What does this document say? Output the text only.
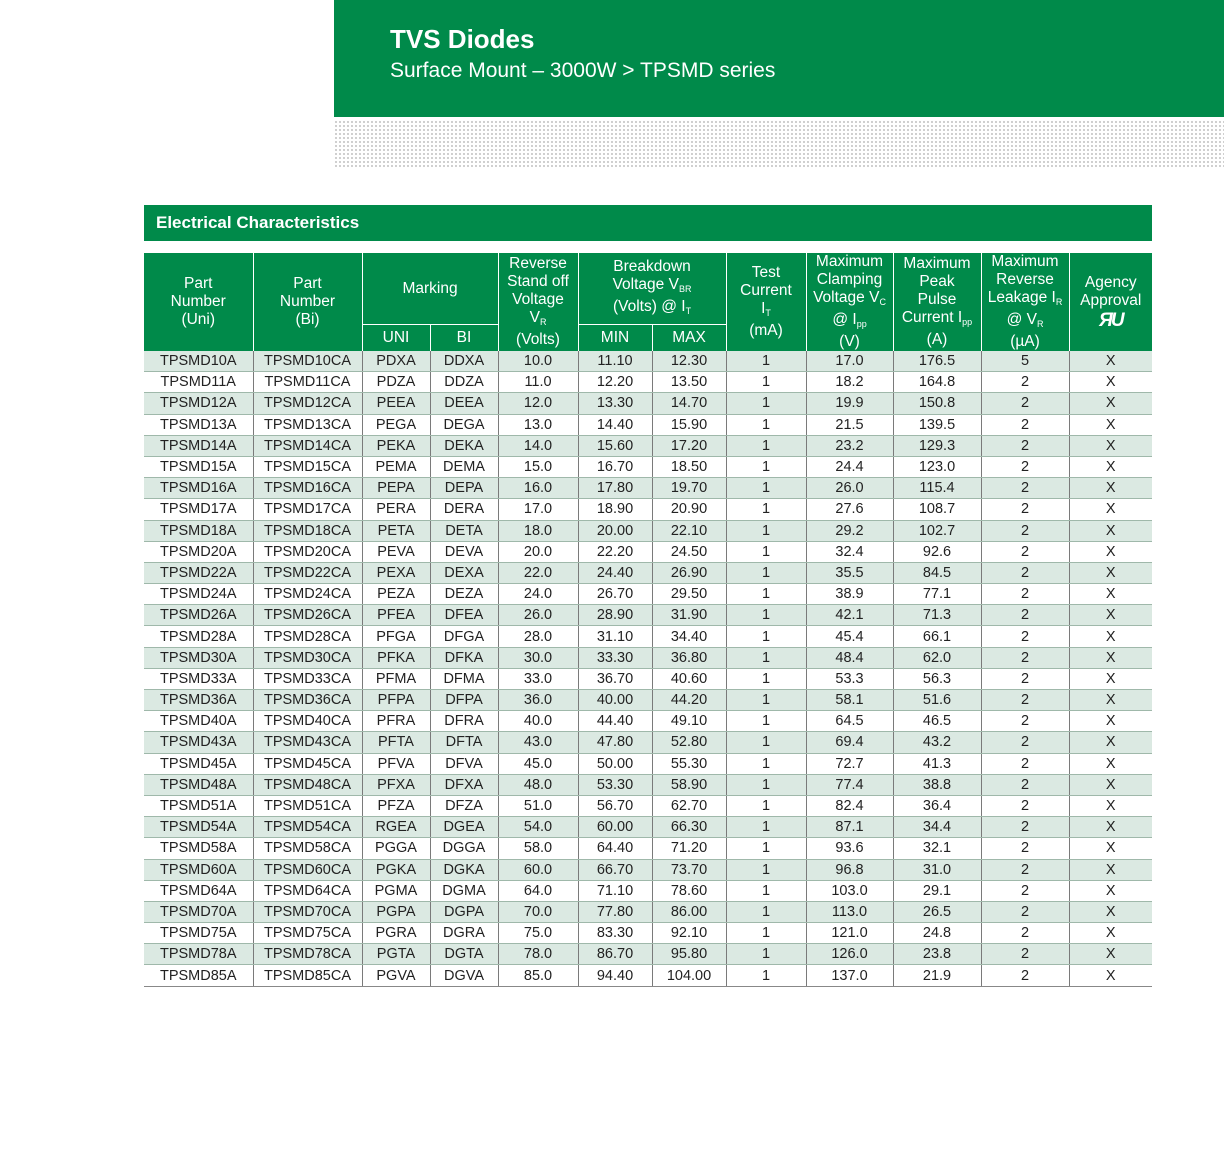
TVS Diodes
Surface Mount – 3000W > TPSMD series
Electrical Characteristics
Part
Number
(Uni)	Part
Number
(Bi)	Marking		Reverse
Stand off
Voltage
VR
(Volts)	Breakdown
Voltage VBR
(Volts) @ IT		Test
Current
IT
(mA)	Maximum
Clamping
Voltage VC
@ Ipp
(V)	Maximum
Peak
Pulse
Current Ipp
(A)	Maximum
Reverse
Leakage IR
@ VR
(µA)	Agency
Approval
ЯU
		UNI	BI		MIN	MAX					
TPSMD10A	TPSMD10CA	PDXA	DDXA	10.0	11.10	12.30	1	17.0	176.5	5	X
TPSMD11A	TPSMD11CA	PDZA	DDZA	11.0	12.20	13.50	1	18.2	164.8	2	X
TPSMD12A	TPSMD12CA	PEEA	DEEA	12.0	13.30	14.70	1	19.9	150.8	2	X
TPSMD13A	TPSMD13CA	PEGA	DEGA	13.0	14.40	15.90	1	21.5	139.5	2	X
TPSMD14A	TPSMD14CA	PEKA	DEKA	14.0	15.60	17.20	1	23.2	129.3	2	X
TPSMD15A	TPSMD15CA	PEMA	DEMA	15.0	16.70	18.50	1	24.4	123.0	2	X
TPSMD16A	TPSMD16CA	PEPA	DEPA	16.0	17.80	19.70	1	26.0	115.4	2	X
TPSMD17A	TPSMD17CA	PERA	DERA	17.0	18.90	20.90	1	27.6	108.7	2	X
TPSMD18A	TPSMD18CA	PETA	DETA	18.0	20.00	22.10	1	29.2	102.7	2	X
TPSMD20A	TPSMD20CA	PEVA	DEVA	20.0	22.20	24.50	1	32.4	92.6	2	X
TPSMD22A	TPSMD22CA	PEXA	DEXA	22.0	24.40	26.90	1	35.5	84.5	2	X
TPSMD24A	TPSMD24CA	PEZA	DEZA	24.0	26.70	29.50	1	38.9	77.1	2	X
TPSMD26A	TPSMD26CA	PFEA	DFEA	26.0	28.90	31.90	1	42.1	71.3	2	X
TPSMD28A	TPSMD28CA	PFGA	DFGA	28.0	31.10	34.40	1	45.4	66.1	2	X
TPSMD30A	TPSMD30CA	PFKA	DFKA	30.0	33.30	36.80	1	48.4	62.0	2	X
TPSMD33A	TPSMD33CA	PFMA	DFMA	33.0	36.70	40.60	1	53.3	56.3	2	X
TPSMD36A	TPSMD36CA	PFPA	DFPA	36.0	40.00	44.20	1	58.1	51.6	2	X
TPSMD40A	TPSMD40CA	PFRA	DFRA	40.0	44.40	49.10	1	64.5	46.5	2	X
TPSMD43A	TPSMD43CA	PFTA	DFTA	43.0	47.80	52.80	1	69.4	43.2	2	X
TPSMD45A	TPSMD45CA	PFVA	DFVA	45.0	50.00	55.30	1	72.7	41.3	2	X
TPSMD48A	TPSMD48CA	PFXA	DFXA	48.0	53.30	58.90	1	77.4	38.8	2	X
TPSMD51A	TPSMD51CA	PFZA	DFZA	51.0	56.70	62.70	1	82.4	36.4	2	X
TPSMD54A	TPSMD54CA	RGEA	DGEA	54.0	60.00	66.30	1	87.1	34.4	2	X
TPSMD58A	TPSMD58CA	PGGA	DGGA	58.0	64.40	71.20	1	93.6	32.1	2	X
TPSMD60A	TPSMD60CA	PGKA	DGKA	60.0	66.70	73.70	1	96.8	31.0	2	X
TPSMD64A	TPSMD64CA	PGMA	DGMA	64.0	71.10	78.60	1	103.0	29.1	2	X
TPSMD70A	TPSMD70CA	PGPA	DGPA	70.0	77.80	86.00	1	113.0	26.5	2	X
TPSMD75A	TPSMD75CA	PGRA	DGRA	75.0	83.30	92.10	1	121.0	24.8	2	X
TPSMD78A	TPSMD78CA	PGTA	DGTA	78.0	86.70	95.80	1	126.0	23.8	2	X
TPSMD85A	TPSMD85CA	PGVA	DGVA	85.0	94.40	104.00	1	137.0	21.9	2	X
